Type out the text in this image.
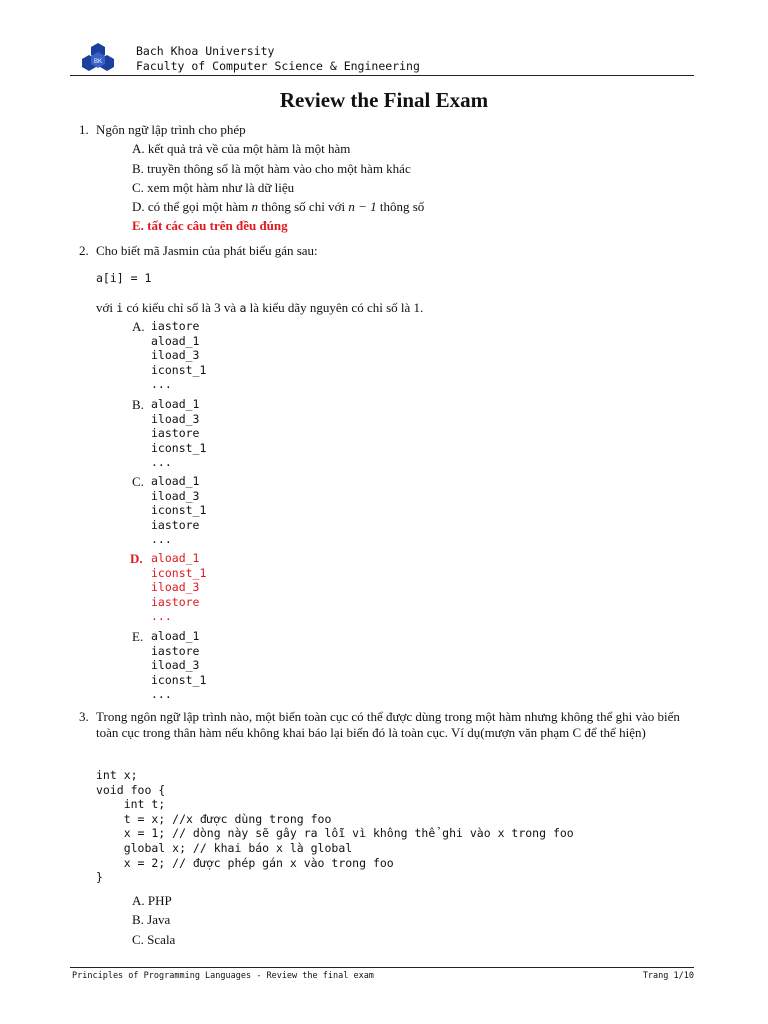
BK
Bach Khoa University
Faculty of Computer Science & Engineering
Review the Final Exam
1. Ngôn ngữ lập trình cho phép
A. kết quả trả về của một hàm là một hàm
B. truyền thông số là một hàm vào cho một hàm khác
C. xem một hàm như là dữ liệu
D. có thể gọi một hàm n thông số chỉ với n − 1 thông số
E. tất các câu trên đều đúng
2. Cho biết mã Jasmin của phát biểu gán sau:
a[i] = 1
với i có kiểu chỉ số là 3 và a là kiểu dãy nguyên có chỉ số là 1.
A. iastore
aload_1
iload_3
iconst_1
...
B. aload_1
iload_3
iastore
iconst_1
...
C. aload_1
iload_3
iconst_1
iastore
...
D. aload_1
iconst_1
iload_3
iastore
...
E. aload_1
iastore
iload_3
iconst_1
...
3. Trong ngôn ngữ lập trình nào, một biến toàn cục có thể được dùng trong một hàm nhưng không thể ghi vào biến toàn cục trong thân hàm nếu không khai báo lại biến đó là toàn cục. Ví dụ(mượn văn phạm C để thể hiện)
int x;
void foo {
int t;
t = x; //x được dùng trong foo
x = 1; // dòng này sẽ gây ra lỗi vì không thể ghi vào x trong foo
global x; // khai báo x là global
x = 2; // được phép gán x vào trong foo
}
A. PHP
B. Java
C. Scala
Principles of Programming Languages - Review the final exam	Trang 1/10
